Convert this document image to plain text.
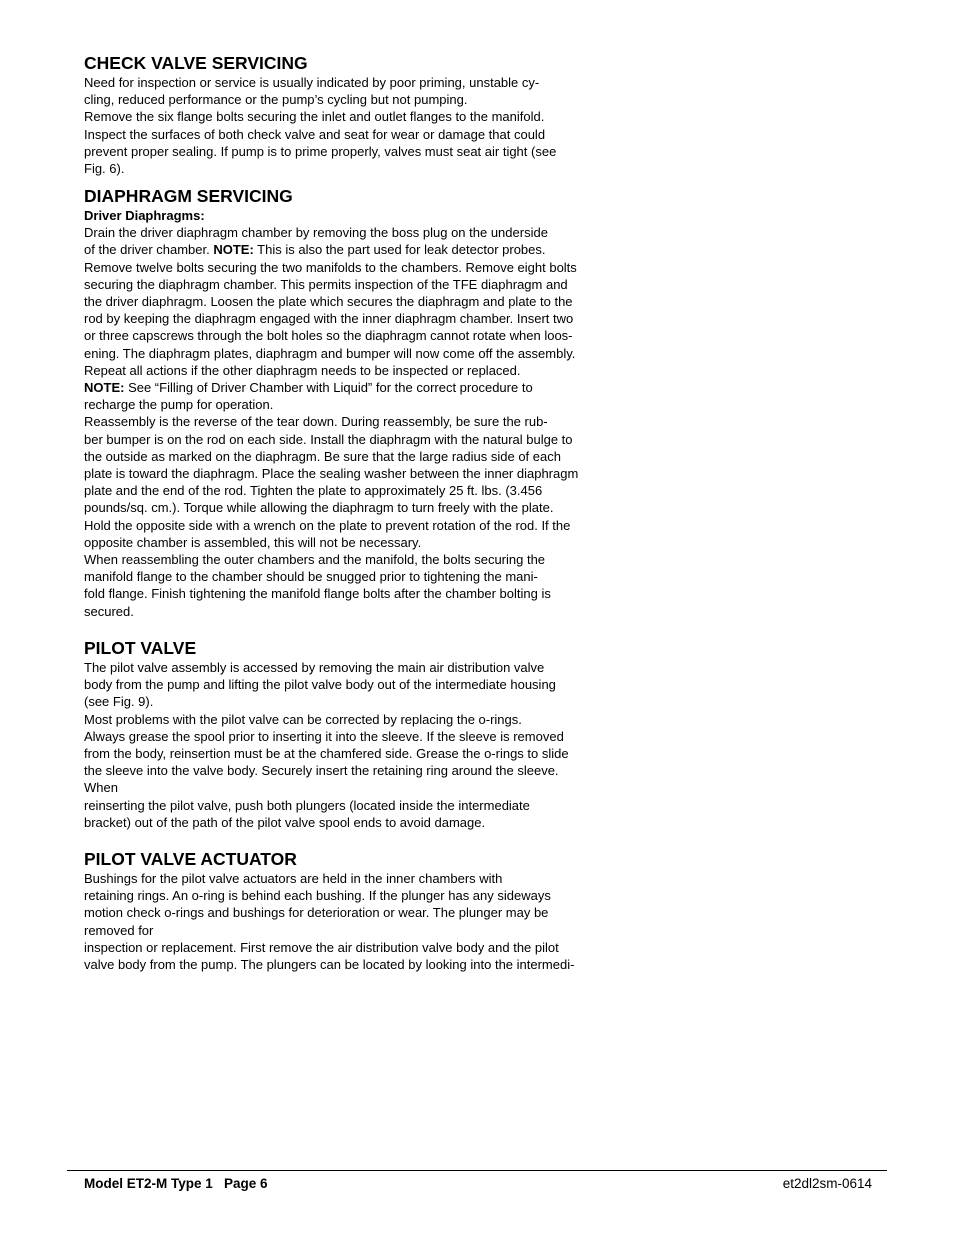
CHECK VALVE SERVICING

Need for inspection or service is usually indicated by poor priming, unstable cy-
cling, reduced performance or the pump’s cycling but not pumping.

Remove the six flange bolts securing the inlet and outlet flanges to the manifold.
Inspect the surfaces of both check valve and seat for wear or damage that could
prevent proper sealing. If pump is to prime properly, valves must seat air tight (see
Fig. 6).

DIAPHRAGM SERVICING
Driver Diaphragms:

Drain the driver diaphragm chamber by removing the boss plug on the underside
of the driver chamber. NOTE: This is also the part used for leak detector probes.
Remove twelve bolts securing the two manifolds to the chambers. Remove eight bolts
securing the diaphragm chamber. This permits inspection of the TFE diaphragm and
the driver diaphragm. Loosen the plate which secures the diaphragm and plate to the
rod by keeping the diaphragm engaged with the inner diaphragm chamber. Insert two
or three capscrews through the bolt holes so the diaphragm cannot rotate when loos-
ening. The diaphragm plates, diaphragm and bumper will now come off the assembly.
Repeat all actions if the other diaphragm needs to be inspected or replaced.

NOTE: See “Filling of Driver Chamber with Liquid” for the correct procedure to
recharge the pump for operation.

Reassembly is the reverse of the tear down. During reassembly, be sure the rub-
ber bumper is on the rod on each side. Install the diaphragm with the natural bulge to
the outside as marked on the diaphragm. Be sure that the large radius side of each
plate is toward the diaphragm. Place the sealing washer between the inner diaphragm
plate and the end of the rod. Tighten the plate to approximately 25 ft. lbs. (3.456
pounds/sq. cm.). Torque while allowing the diaphragm to turn freely with the plate.
Hold the opposite side with a wrench on the plate to prevent rotation of the rod. If the
opposite chamber is assembled, this will not be necessary.

When reassembling the outer chambers and the manifold, the bolts securing the
manifold flange to the chamber should be snugged prior to tightening the mani-
fold flange. Finish tightening the manifold flange bolts after the chamber bolting is
secured.

PILOT VALVE

The pilot valve assembly is accessed by removing the main air distribution valve
body from the pump and lifting the pilot valve body out of the intermediate housing
(see Fig. 9).

Most problems with the pilot valve can be corrected by replacing the o-rings.
Always grease the spool prior to inserting it into the sleeve. If the sleeve is removed
from the body, reinsertion must be at the chamfered side. Grease the o-rings to slide
the sleeve into the valve body. Securely insert the retaining ring around the sleeve.
When
reinserting the pilot valve, push both plungers (located inside the intermediate
bracket) out of the path of the pilot valve spool ends to avoid damage.

PILOT VALVE ACTUATOR

Bushings for the pilot valve actuators are held in the inner chambers with
retaining rings. An o-ring is behind each bushing. If the plunger has any sideways
motion check o-rings and bushings for deterioration or wear. The plunger may be
removed for
inspection or replacement. First remove the air distribution valve body and the pilot
valve body from the pump. The plungers can be located by looking into the intermedi-

Model ET2-M Type 1   Page 6	et2dl2sm-0614
